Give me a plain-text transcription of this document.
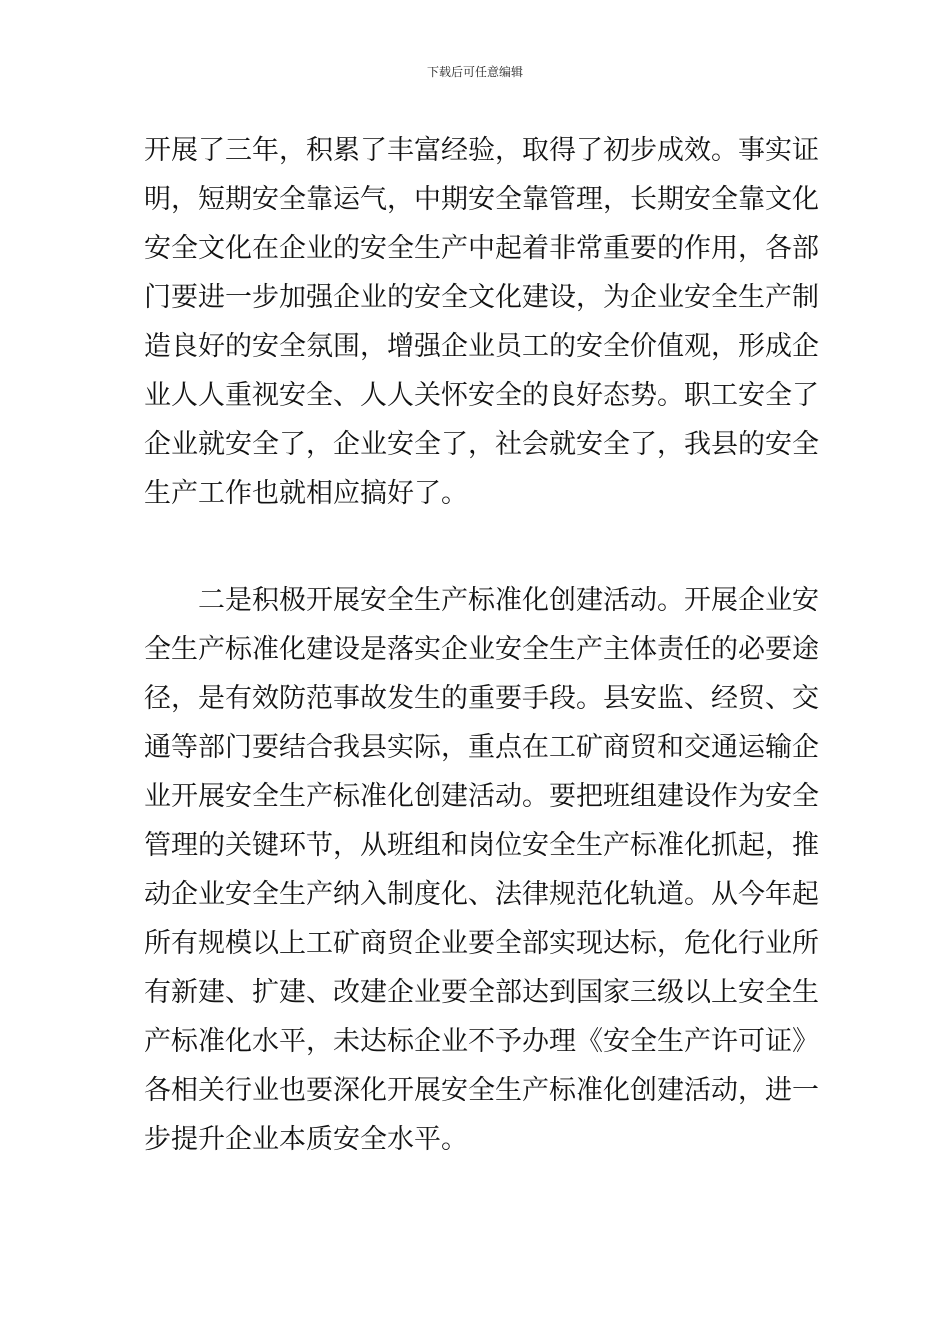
下载后可任意编辑
开展了三年，积累了丰富经验，取得了初步成效。事实证
明，短期安全靠运气，中期安全靠管理，长期安全靠文化
安全文化在企业的安全生产中起着非常重要的作用，各部
门要进一步加强企业的安全文化建设，为企业安全生产制
造良好的安全氛围，增强企业员工的安全价值观，形成企
业人人重视安全、人人关怀安全的良好态势。职工安全了
企业就安全了，企业安全了，社会就安全了，我县的安全
生产工作也就相应搞好了。
二是积极开展安全生产标准化创建活动。开展企业安
全生产标准化建设是落实企业安全生产主体责任的必要途
径，是有效防范事故发生的重要手段。县安监、经贸、交
通等部门要结合我县实际，重点在工矿商贸和交通运输企
业开展安全生产标准化创建活动。要把班组建设作为安全
管理的关键环节，从班组和岗位安全生产标准化抓起，推
动企业安全生产纳入制度化、法律规范化轨道。从今年起
所有规模以上工矿商贸企业要全部实现达标，危化行业所
有新建、扩建、改建企业要全部达到国家三级以上安全生
产标准化水平，未达标企业不予办理《安全生产许可证》
各相关行业也要深化开展安全生产标准化创建活动，进一
步提升企业本质安全水平。
